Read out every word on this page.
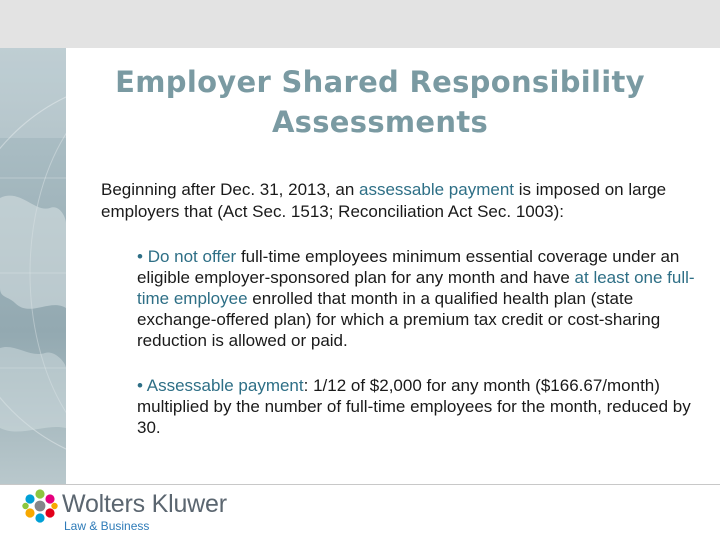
Employer Shared Responsibility Assessments
Beginning after Dec. 31, 2013, an assessable payment is imposed on large employers that (Act Sec. 1513; Reconciliation Act Sec. 1003):
• Do not offer full-time employees minimum essential coverage under an eligible employer-sponsored plan for any month and have at least one full-time employee enrolled that month in a qualified health plan (state exchange-offered plan) for which a premium tax credit or cost-sharing reduction is allowed or paid.
• Assessable payment: 1/12 of $2,000 for any month ($166.67/month) multiplied by the number of full-time employees for the month, reduced by 30.
Wolters Kluwer
Law & Business
